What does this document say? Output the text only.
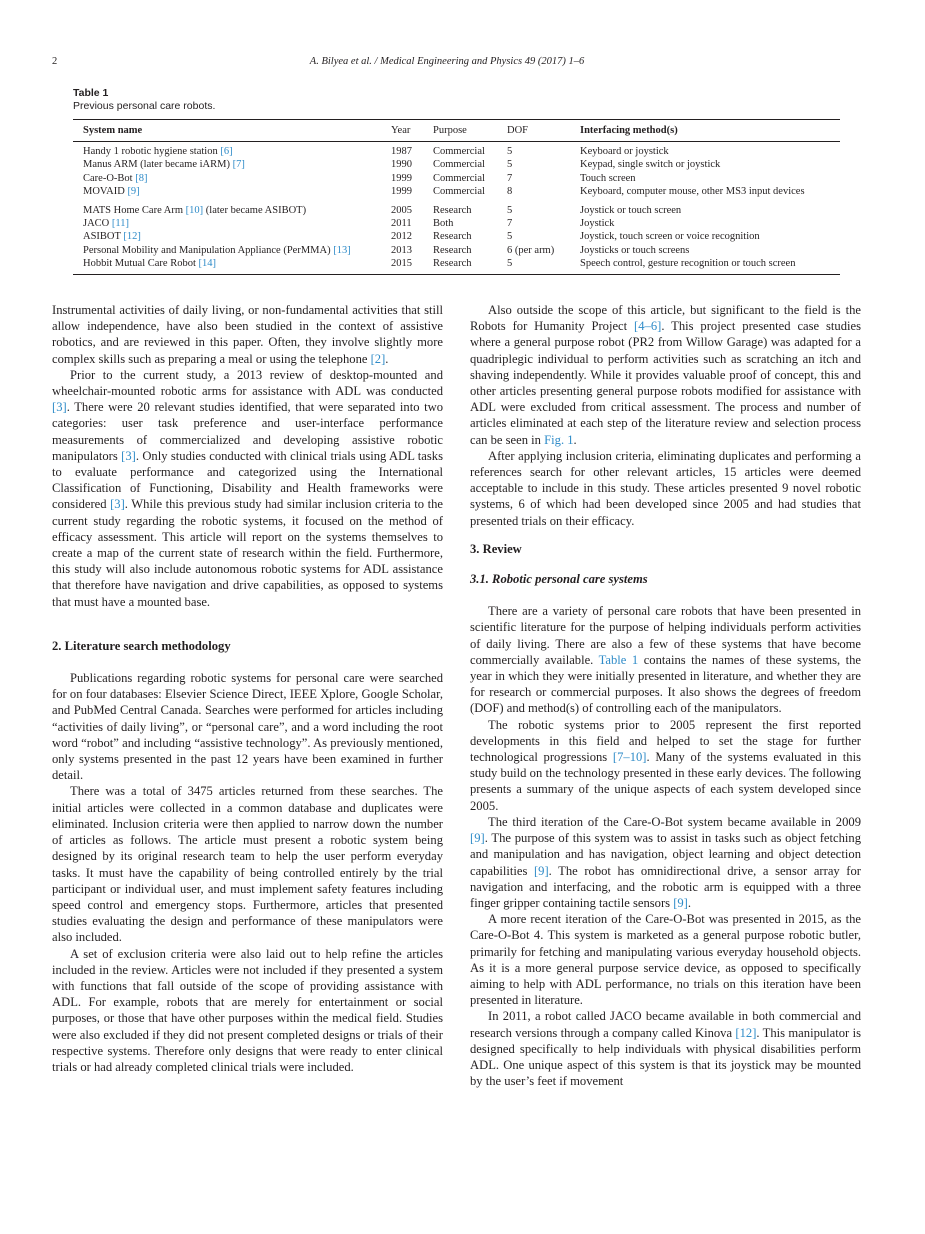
2	A. Bilyea et al. / Medical Engineering and Physics 49 (2017) 1–6
Table 1
Previous personal care robots.
System name	Year	Purpose	DOF	Interfacing method(s)
Handy 1 robotic hygiene station [6]	1987	Commercial	5	Keyboard or joystick
Manus ARM (later became iARM) [7]	1990	Commercial	5	Keypad, single switch or joystick
Care-O-Bot [8]	1999	Commercial	7	Touch screen
MOVAID [9]	1999	Commercial	8	Keyboard, computer mouse, other MS3 input devices
MATS Home Care Arm [10] (later became ASIBOT)	2005	Research	5	Joystick or touch screen
JACO [11]	2011	Both	7	Joystick
ASIBOT [12]	2012	Research	5	Joystick, touch screen or voice recognition
Personal Mobility and Manipulation Appliance (PerMMA) [13]	2013	Research	6 (per arm)	Joysticks or touch screens
Hobbit Mutual Care Robot [14]	2015	Research	5	Speech control, gesture recognition or touch screen

Instrumental activities of daily living, or non-fundamental activities that still allow independence, have also been studied in the context of assistive robotics, and are reviewed in this paper. Often, they involve slightly more complex skills such as preparing a meal or using the telephone [2].

Prior to the current study, a 2013 review of desktop-mounted and wheelchair-mounted robotic arms for assistance with ADL was conducted [3]. There were 20 relevant studies identified, that were separated into two categories: user task preference and user-interface performance measurements of commercialized and developing assistive robotic manipulators [3]. Only studies conducted with clinical trials using ADL tasks to evaluate performance and categorized using the International Classification of Functioning, Disability and Health frameworks were considered [3]. While this previous study had similar inclusion criteria to the current study regarding the robotic systems, it focused on the method of efficacy assessment. This article will report on the systems themselves to create a map of the current state of research within the field. Furthermore, this study will also include autonomous robotic systems for ADL assistance that therefore have navigation and drive capabilities, as opposed to systems that must have a mounted base.

2. Literature search methodology

Publications regarding robotic systems for personal care were searched for on four databases: Elsevier Science Direct, IEEE Xplore, Google Scholar, and PubMed Central Canada. Searches were performed for articles including “activities of daily living”, or “personal care”, and a word including the root word “robot” and including “assistive technology”. As previously mentioned, only systems presented in the past 12 years have been examined in further detail.

There was a total of 3475 articles returned from these searches. The initial articles were collected in a common database and duplicates were eliminated. Inclusion criteria were then applied to narrow down the number of articles as follows. The article must present a robotic system being designed by its original research team to help the user perform everyday tasks. It must have the capability of being controlled entirely by the trial participant or individual user, and must implement safety features including speed control and emergency stops. Furthermore, articles that presented studies evaluating the design and performance of these manipulators were also included.

A set of exclusion criteria were also laid out to help refine the articles included in the review. Articles were not included if they presented a system with functions that fall outside of the scope of providing assistance with ADL. For example, robots that are merely for entertainment or social purposes, or those that have other purposes within the medical field. Studies were also excluded if they did not present completed designs or trials of their respective systems. Therefore only designs that were ready to enter clinical trials or had already completed clinical trials were included.

Also outside the scope of this article, but significant to the field is the Robots for Humanity Project [4–6]. This project presented case studies where a general purpose robot (PR2 from Willow Garage) was adapted for a quadriplegic individual to perform activities such as scratching an itch and shaving independently. While it provides valuable proof of concept, this and other articles presenting general purpose robots modified for assistance with ADL were excluded from critical assessment. The process and number of articles eliminated at each step of the literature review and selection process can be seen in Fig. 1.

After applying inclusion criteria, eliminating duplicates and performing a references search for other relevant articles, 15 articles were deemed acceptable to include in this study. These articles presented 9 novel robotic systems, 6 of which had been developed since 2005 and had studies that presented trials on their efficacy.

3. Review
3.1. Robotic personal care systems

There are a variety of personal care robots that have been presented in scientific literature for the purpose of helping individuals perform activities of daily living. There are also a few of these systems that have become commercially available. Table 1 contains the names of these systems, the year in which they were initially presented in literature, and whether they are for research or commercial purposes. It also shows the degrees of freedom (DOF) and method(s) of controlling each of the manipulators.

The robotic systems prior to 2005 represent the first reported developments in this field and helped to set the stage for further technological progressions [7–10]. Many of the systems evaluated in this study build on the technology presented in these early devices. The following presents a summary of the unique aspects of each system developed since 2005.

The third iteration of the Care-O-Bot system became available in 2009 [9]. The purpose of this system was to assist in tasks such as object fetching and manipulation and has navigation, object learning and object detection capabilities [9]. The robot has omnidirectional drive, a sensor array for navigation and interfacing, and the robotic arm is equipped with a three finger gripper containing tactile sensors [9].

A more recent iteration of the Care-O-Bot was presented in 2015, as the Care-O-Bot 4. This system is marketed as a general purpose robotic butler, primarily for fetching and manipulating various everyday household objects. As it is a more general purpose service device, as opposed to specifically aiming to help with ADL performance, no trials on this iteration have been presented in literature.

In 2011, a robot called JACO became available in both commercial and research versions through a company called Kinova [12]. This manipulator is designed specifically to help individuals with physical disabilities perform ADL. One unique aspect of this system is that its joystick may be mounted by the user’s feet if movement
